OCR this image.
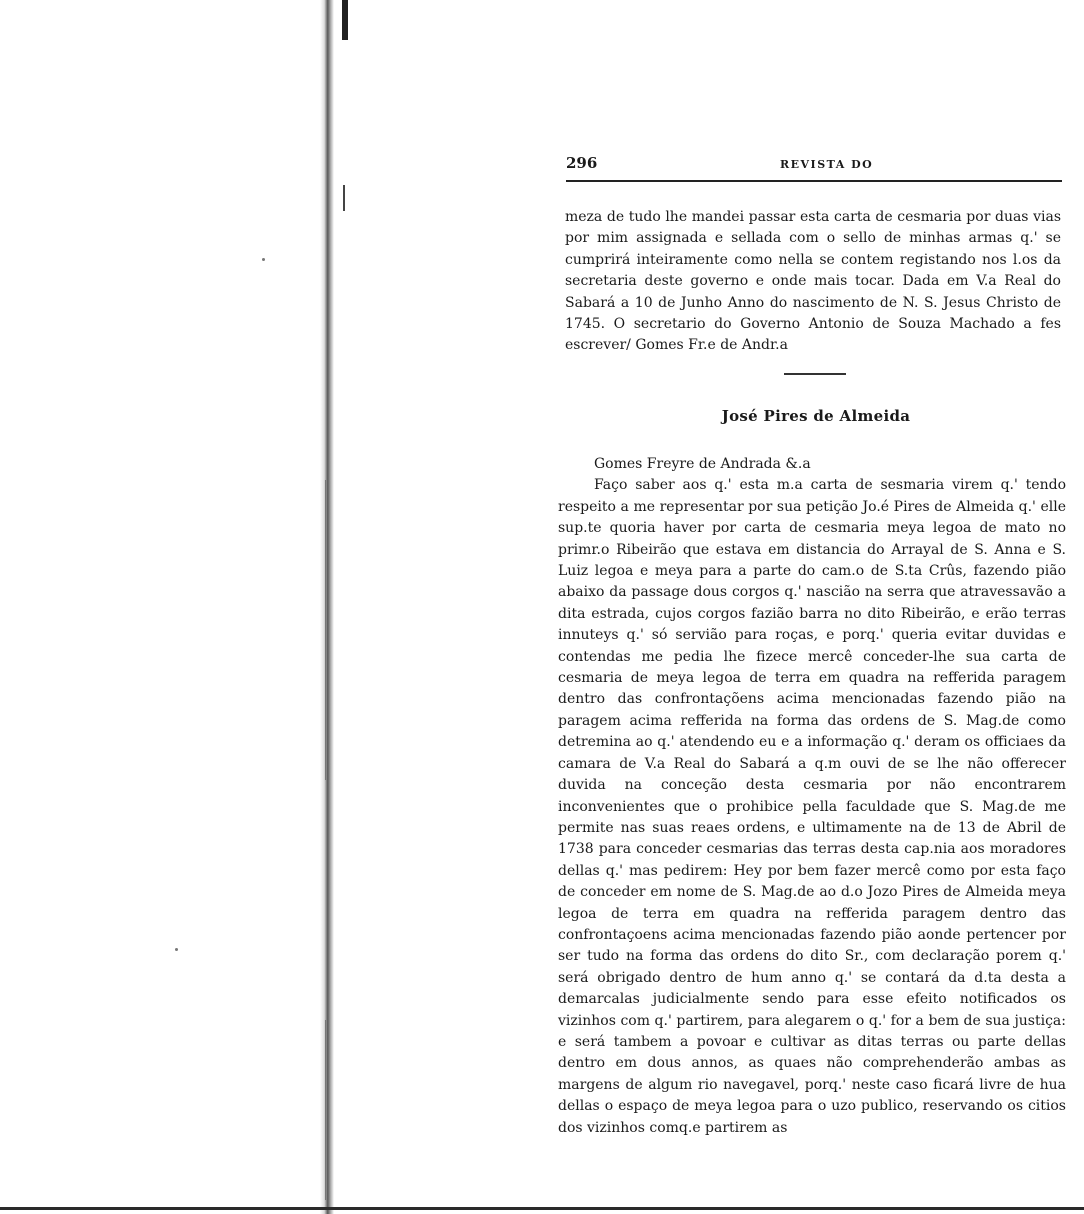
296	REVISTA DO

meza de tudo lhe mandei passar esta carta de cesmaria por duas vias por mim assignada e sellada com o sello de minhas armas q.' se cumprirá inteiramente como nella se contem registando nos l.os da secretaria deste governo e onde mais tocar. Dada em V.a Real do Sabará a 10 de Junho Anno do nascimento de N. S. Jesus Christo de 1745. O secretario do Governo Antonio de Souza Machado a fes escrever/ Gomes Fr.e de Andr.a

José Pires de Almeida

Gomes Freyre de Andrada &.a

Faço saber aos q.' esta m.a carta de sesmaria virem q.' tendo respeito a me representar por sua petição Jo.é Pires de Almeida q.' elle sup.te quoria haver por carta de cesmaria meya legoa de mato no primr.o Ribeirão que estava em distancia do Arrayal de S. Anna e S. Luiz legoa e meya para a parte do cam.o de S.ta Crûs, fazendo pião abaixo da passage dous corgos q.' nascião na serra que atravessavão a dita estrada, cujos corgos fazião barra no dito Ribeirão, e erão terras innuteys q.' só servião para roças, e porq.' queria evitar duvidas e contendas me pedia lhe fizece mercê conceder-lhe sua carta de cesmaria de meya legoa de terra em quadra na refferida paragem dentro das confrontaçõens acima mencionadas fazendo pião na paragem acima refferida na forma das ordens de S. Mag.de como detremina ao q.' atendendo eu e a informação q.' deram os officiaes da camara de V.a Real do Sabará a q.m ouvi de se lhe não offerecer duvida na conceção desta cesmaria por não encontrarem inconvenientes que o prohibice pella faculdade que S. Mag.de me permite nas suas reaes ordens, e ultimamente na de 13 de Abril de 1738 para conceder cesmarias das terras desta cap.nia aos moradores dellas q.' mas pedirem: Hey por bem fazer mercê como por esta faço de conceder em nome de S. Mag.de ao d.o Jozo Pires de Almeida meya legoa de terra em quadra na refferida paragem dentro das confrontaçoens acima mencionadas fazendo pião aonde pertencer por ser tudo na forma das ordens do dito Sr., com declaração porem q.' será obrigado dentro de hum anno q.' se contará da d.ta desta a demarcalas judicialmente sendo para esse efeito notificados os vizinhos com q.' partirem, para alegarem o q.' for a bem de sua justiça: e será tambem a povoar e cultivar as ditas terras ou parte dellas dentro em dous annos, as quaes não comprehenderão ambas as margens de algum rio navegavel, porq.' neste caso ficará livre de hua dellas o espaço de meya legoa para o uzo publico, reservando os citios dos vizinhos comq.e partirem as
